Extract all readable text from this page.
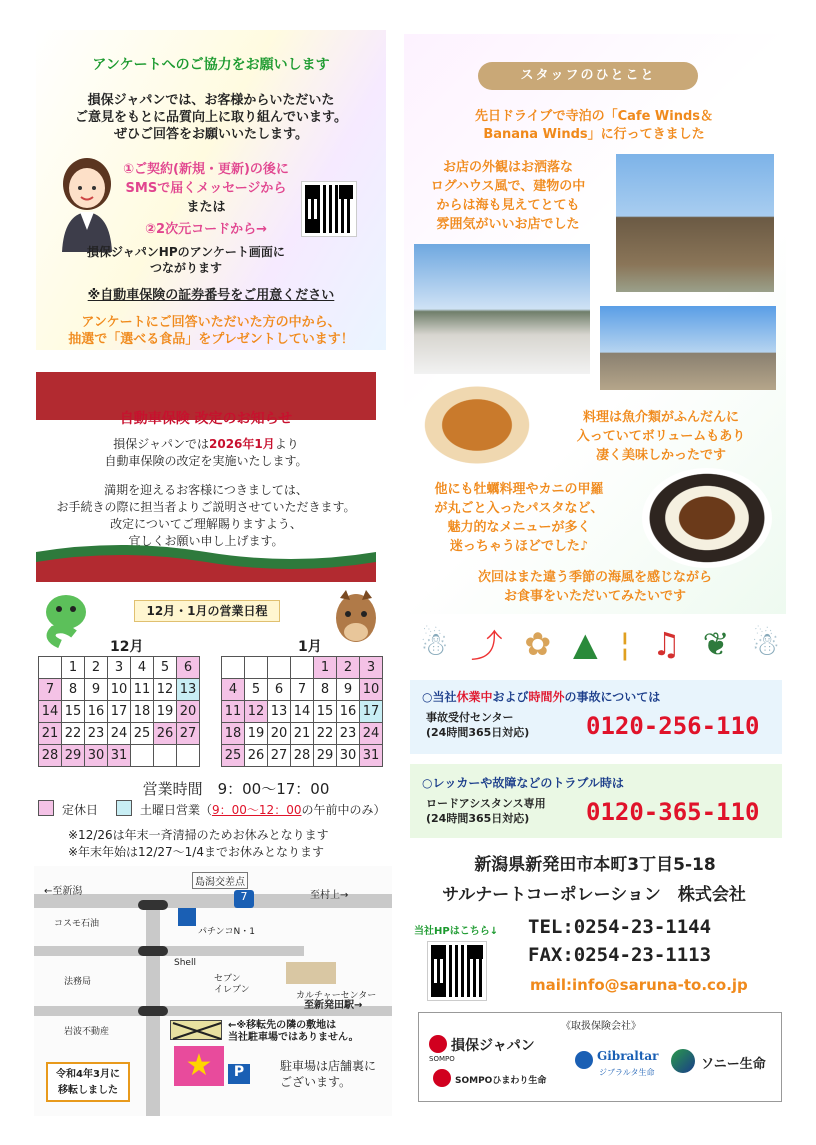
アンケートへのご協力をお願いします
損保ジャパンでは、お客様からいただいた
ご意見をもとに品質向上に取り組んでいます。
ぜひご回答をお願いいたします。
①ご契約(新規・更新)の後に
SMSで届くメッセージから
または
②2次元コードから→
損保ジャパンHPのアンケート画面に
つながります
※自動車保険の証券番号をご用意ください
アンケートにご回答いただいた方の中から、
抽選で「選べる食品」をプレゼントしています！
自動車保険 改定のお知らせ
損保ジャパンでは2026年1月より
自動車保険の改定を実施いたします。
満期を迎えるお客様につきましては、
お手続きの際に担当者よりご説明させていただきます。
改定についてご理解賜りますよう、
宜しくお願い申し上げます。
12月・1月の営業日程
12月	1月
	1	2	3	4	5	6
7	8	9	10	11	12	13
14	15	16	17	18	19	20
21	22	23	24	25	26	27
28	29	30	31			
				1	2	3
4	5	6	7	8	9	10
11	12	13	14	15	16	17
18	19	20	21	22	23	24
25	26	27	28	29	30	31
営業時間　9：00～17：00
定休日	土曜日営業（9：00～12：00の午前中のみ）
※12/26は年末一斉清掃のためお休みとなります
※年末年始は12/27～1/4までお休みとなります
←至新潟
島潟交差点
7	至村上→
コスモ石油
パチンコN・1
法務局
Shell
セブン
イレブン
カルチャーセンター
至新発田駅→
岩波不動産
←※移転先の隣の敷地は
当社駐車場ではありません。
★	P	駐車場は店舗裏に
ございます。
令和4年3月に
移転しました
スタッフのひとこと
先日ドライブで寺泊の「Cafe Winds＆
Banana Winds」に行ってきました
お店の外観はお洒落な
ログハウス風で、建物の中
からは海も見えてとても
雰囲気がいいお店でした
料理は魚介類がふんだんに
入っていてボリュームもあり
凄く美味しかったです
他にも牡蠣料理やカニの甲羅
が丸ごと入ったパスタなど、
魅力的なメニューが多く
迷っちゃうほどでした♪
次回はまた違う季節の海風を感じながら
お食事をいただいてみたいです
☃ ⤴ ✿ ▲ ¦ ♫ ❦ ☃
○当社休業中および時間外の事故については
事故受付センター
(24時間365日対応) 0120-256-110
○レッカーや故障などのトラブル時は
ロードアシスタンス専用
(24時間365日対応)	0120-365-110
新潟県新発田市本町3丁目5-18
サルナートコーポレーション　株式会社
当社HPはこちら↓ TEL:0254-23-1144
FAX:0254-23-1113
mail:info@saruna-to.co.jp
《取扱保険会社》
損保ジャパン
SOMPO
SOMPOひまわり生命
Gibraltar
ジブラルタ生命
ソニー生命
